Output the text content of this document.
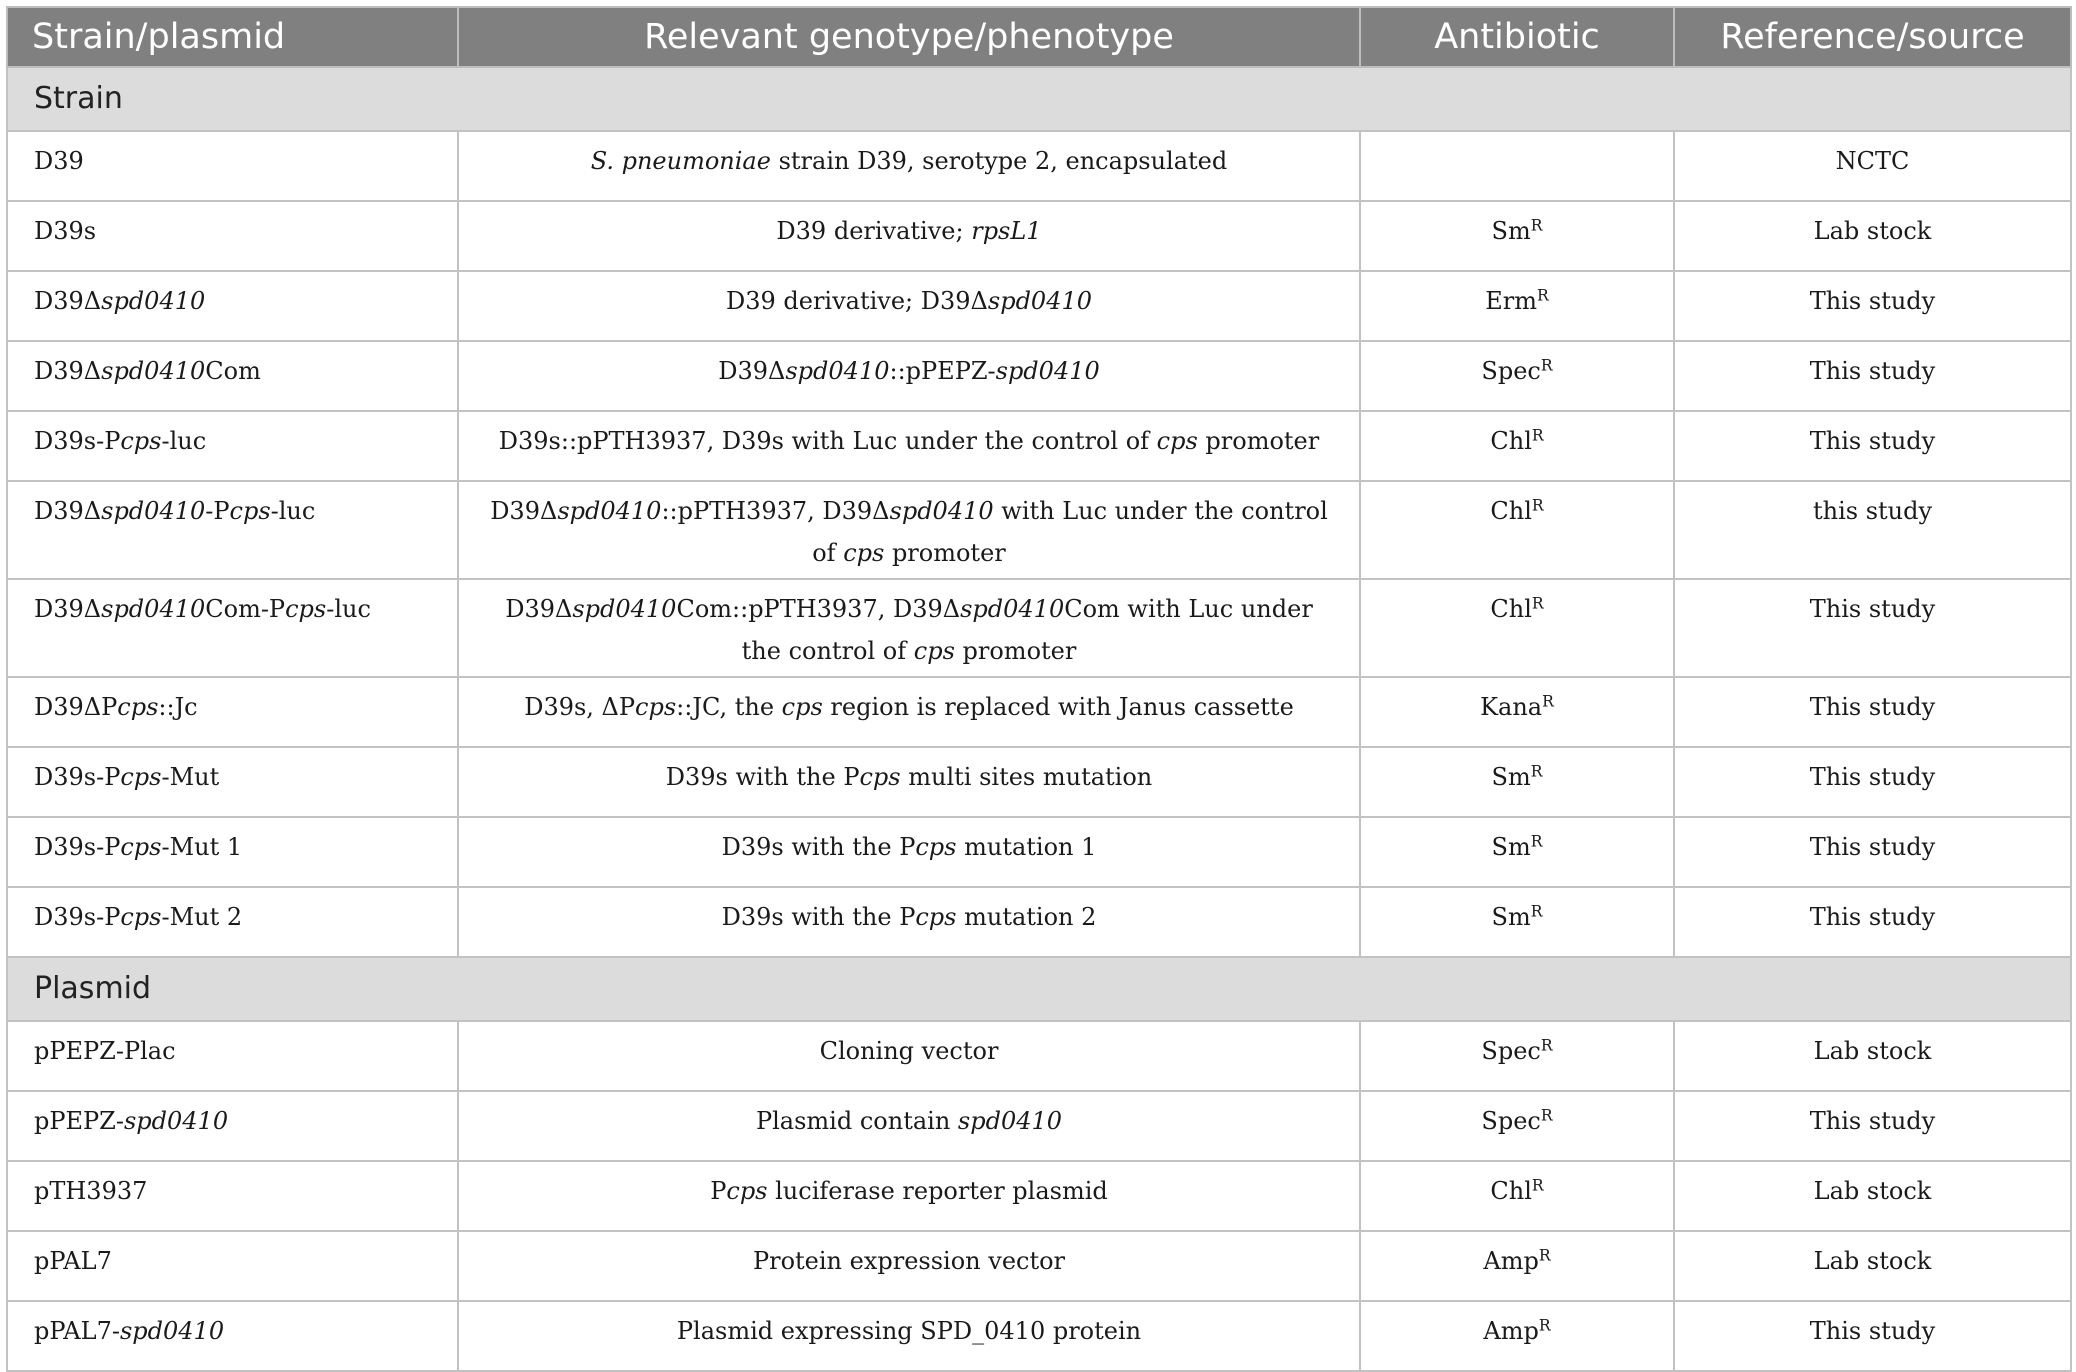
Strain/plasmid	Relevant genotype/phenotype	Antibiotic	Reference/source
Strain			
D39	S. pneumoniae strain D39, serotype 2, encapsulated		NCTC
D39s	D39 derivative; rpsL1	$Sm^R$	Lab stock
D39Δspd0410	D39 derivative; D39Δspd0410	Erm$^R$	This study
D39Δspd0410Com	D39Δspd0410::pPEPZ-spd0410	Spec$^R$	This study
D39s-Pcps-luc	D39s::pPTH3937, D39s with Luc under the control of cps promoter	Chl$^R$	This study
D39Δspd0410-Pcps-luc	D39Δspd0410::pPTH3937, D39Δspd0410 with Luc under the control of cps promoter	Chl$^R$	this study
D39Δspd0410Com-Pcps-luc	D39Δspd0410Com::pPTH3937, D39Δspd0410Com with Luc under the control of cps promoter	Chl$^R$	This study
D39ΔPcps::Jc	D39s, ΔPcps::JC, the cps region is replaced with Janus cassette	Kana$^R$	This study
D39s-Pcps-Mut	D39s with the Pcps multi sites mutation	$Sm^R$	This study
D39s-Pcps-Mut 1	D39s with the Pcps mutation 1	$Sm^R$	This study
D39s-Pcps-Mut 2	D39s with the Pcps mutation 2	$Sm^R$	This study
Plasmid			
pPEPZ-Plac	Cloning vector	Spec$^R$	Lab stock
pPEPZ-spd0410	Plasmid contain spd0410	Spec$^R$	This study
pTH3937	Pcps luciferase reporter plasmid	Chl$^R$	Lab stock
pPAL7	Protein expression vector	Amp$^R$	Lab stock
pPAL7-spd0410	Plasmid expressing SPD_0410 protein	Amp$^R$	This study
